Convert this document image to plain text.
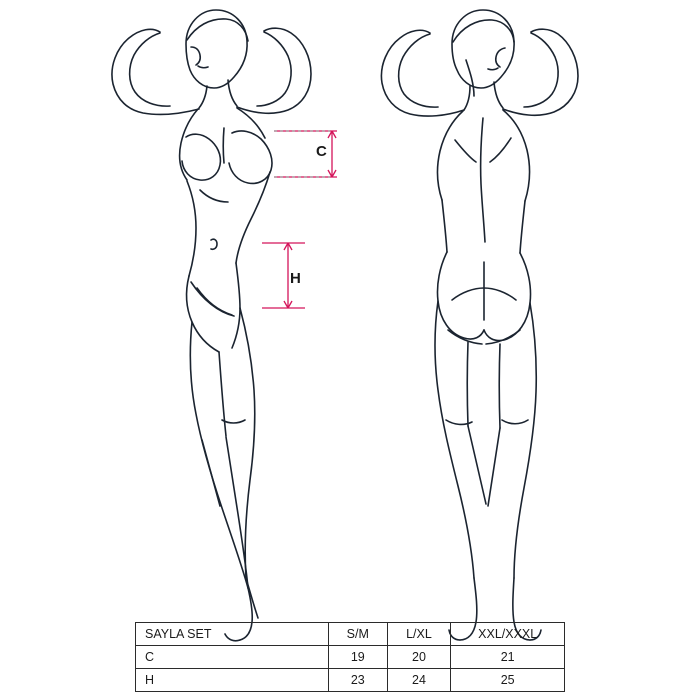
C
H
SAYLA SET	S/M	L/XL	XXL/XXXL
C	19	20	21
H	23	24	25
